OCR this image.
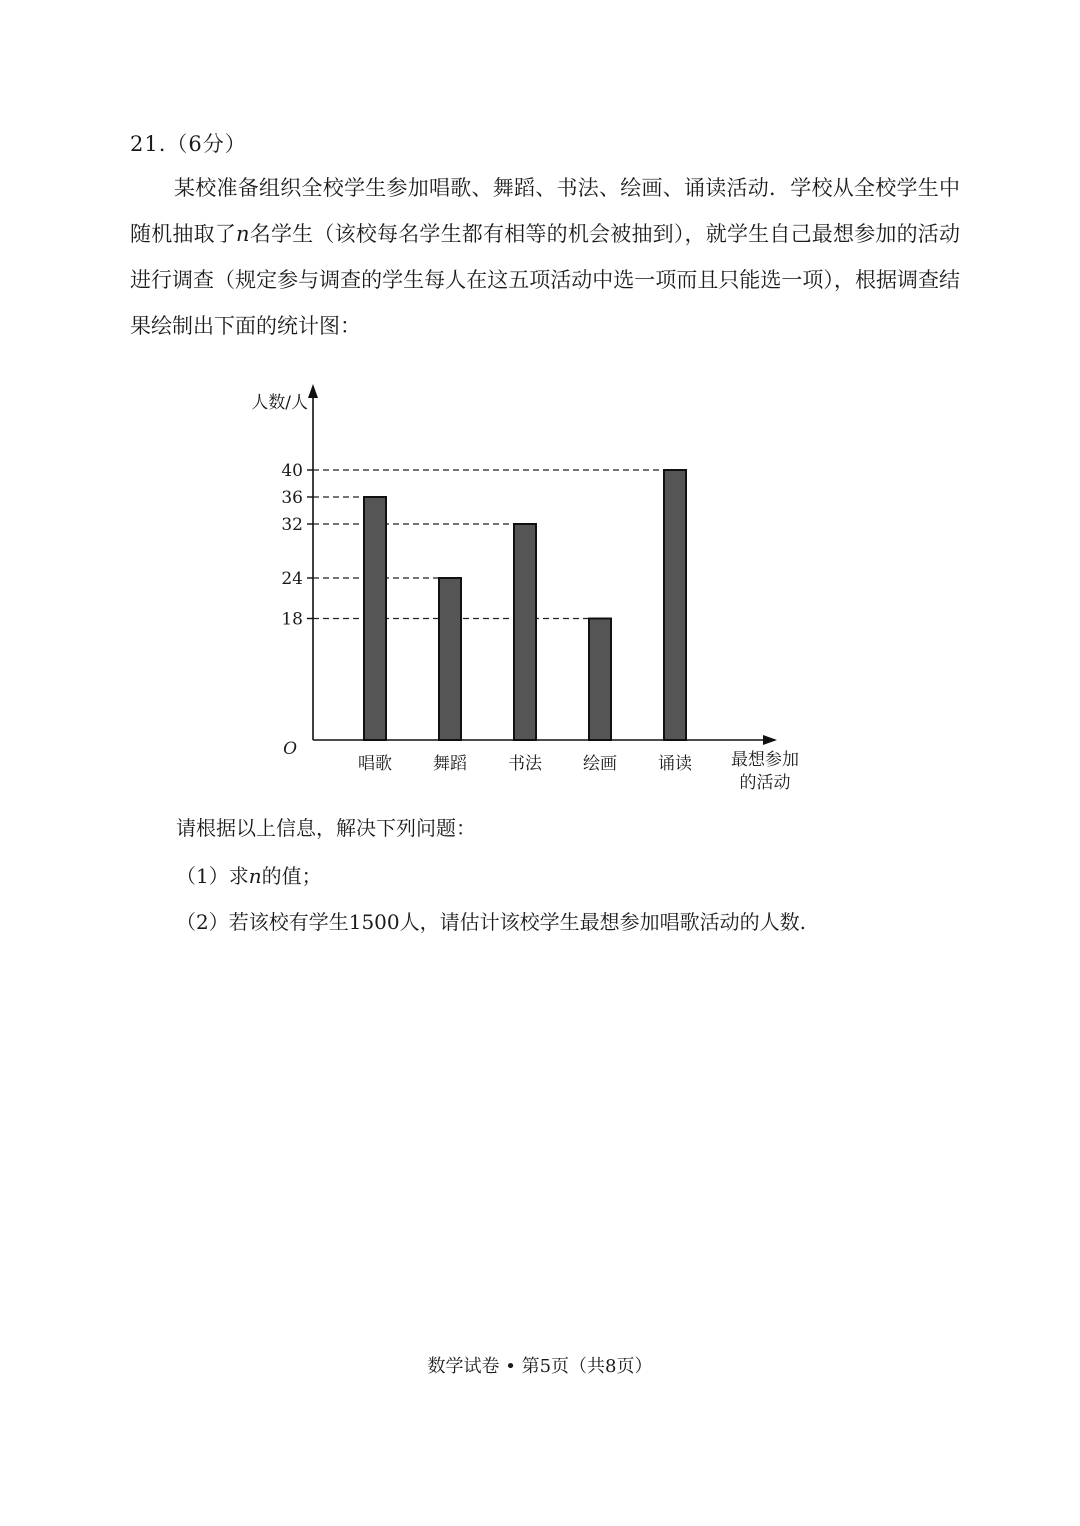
21.（6分）

某校准备组织全校学生参加唱歌、舞蹈、书法、绘画、诵读活动．学校从全校学生中随机抽取了n名学生（该校每名学生都有相等的机会被抽到），就学生自己最想参加的活动进行调查（规定参与调查的学生每人在这五项活动中选一项而且只能选一项），根据调查结果绘制出下面的统计图：

18
24
32
36
40
唱歌 舞蹈 书法 绘画 诵读
人数/人
最想参加
的活动
O
请根据以上信息，解决下列问题：
（1）求n的值；
（2）若该校有学生1500人，请估计该校学生最想参加唱歌活动的人数.
数学试卷 • 第5页（共8页）
